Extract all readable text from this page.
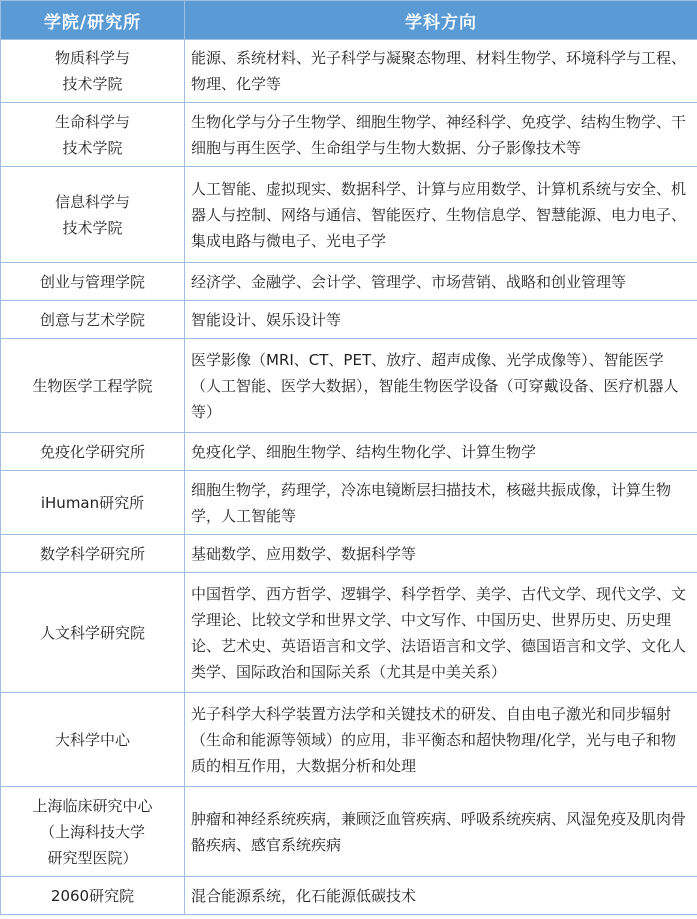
学院/研究所	学科方向
物质科学与
技术学院	能源、系统材料、光子科学与凝聚态物理、材料生物学、环境科学与工程、物理、化学等
生命科学与
技术学院	生物化学与分子生物学、细胞生物学、神经科学、免疫学、结构生物学、干细胞与再生医学、生命组学与生物大数据、分子影像技术等
信息科学与
技术学院	人工智能、虚拟现实、数据科学、计算与应用数学、计算机系统与安全、机器人与控制、网络与通信、智能医疗、生物信息学、智慧能源、电力电子、集成电路与微电子、光电子学
创业与管理学院	经济学、金融学、会计学、管理学、市场营销、战略和创业管理等
创意与艺术学院	智能设计、娱乐设计等
生物医学工程学院	医学影像（MRI、CT、PET、放疗、超声成像、光学成像等）、智能医学（人工智能、医学大数据），智能生物医学设备（可穿戴设备、医疗机器人等）
免疫化学研究所	免疫化学、细胞生物学、结构生物化学、计算生物学
iHuman研究所	细胞生物学，药理学，冷冻电镜断层扫描技术，核磁共振成像，计算生物学，人工智能等
数学科学研究所	基础数学、应用数学、数据科学等
人文科学研究院	中国哲学、西方哲学、逻辑学、科学哲学、美学、古代文学、现代文学、文学理论、比较文学和世界文学、中文写作、中国历史、世界历史、历史理论、艺术史、英语语言和文学、法语语言和文学、德国语言和文学、文化人类学、国际政治和国际关系（尤其是中美关系）
大科学中心	光子科学大科学装置方法学和关键技术的研发、自由电子激光和同步辐射（生命和能源等领域）的应用，非平衡态和超快物理/化学，光与电子和物质的相互作用，大数据分析和处理
上海临床研究中心
（上海科技大学
研究型医院）	肿瘤和神经系统疾病，兼顾泛血管疾病、呼吸系统疾病、风湿免疫及肌肉骨骼疾病、感官系统疾病
2060研究院	混合能源系统，化石能源低碳技术
